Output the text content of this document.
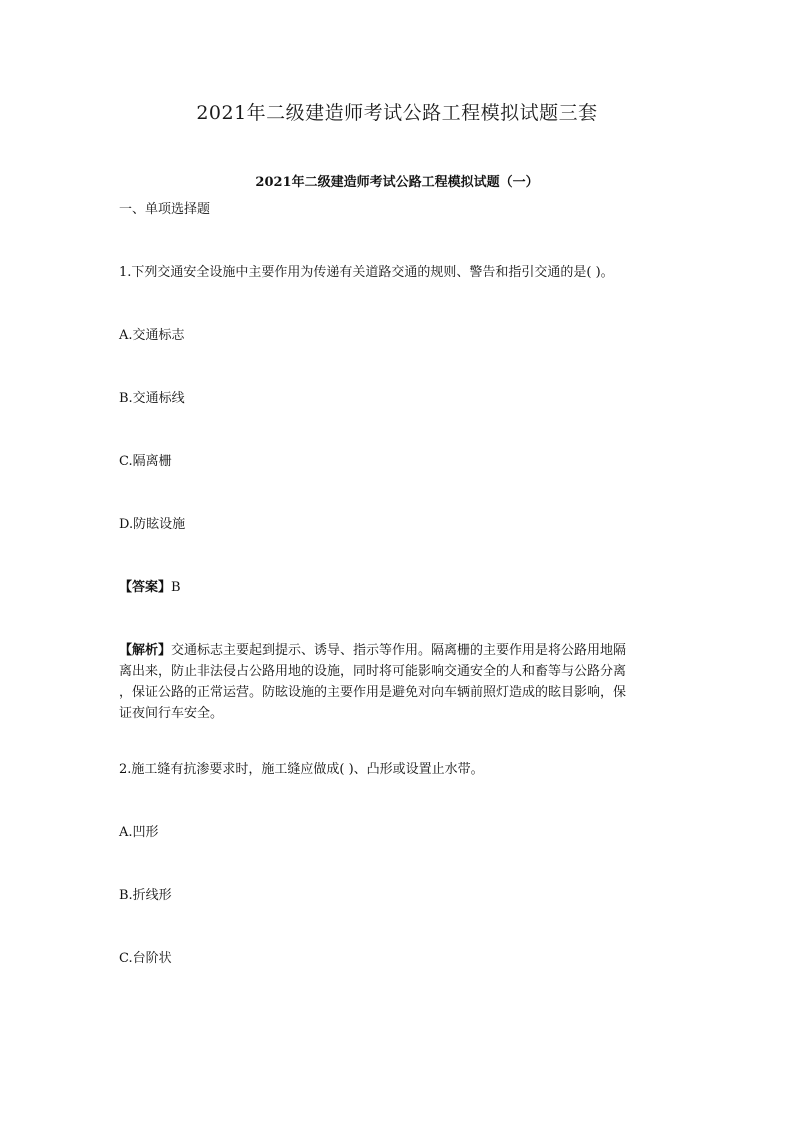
2021年二级建造师考试公路工程模拟试题三套
2021年二级建造师考试公路工程模拟试题（一）
一、单项选择题
1.下列交通安全设施中主要作用为传递有关道路交通的规则、警告和指引交通的是( )。
A.交通标志
B.交通标线
C.隔离栅
D.防眩设施
【答案】B
【解析】交通标志主要起到提示、诱导、指示等作用。隔离栅的主要作用是将公路用地隔
离出来，防止非法侵占公路用地的设施，同时将可能影响交通安全的人和畜等与公路分离
，保证公路的正常运营。防眩设施的主要作用是避免对向车辆前照灯造成的眩目影响，保
证夜间行车安全。
2.施工缝有抗渗要求时，施工缝应做成( )、凸形或设置止水带。
A.凹形
B.折线形
C.台阶状
